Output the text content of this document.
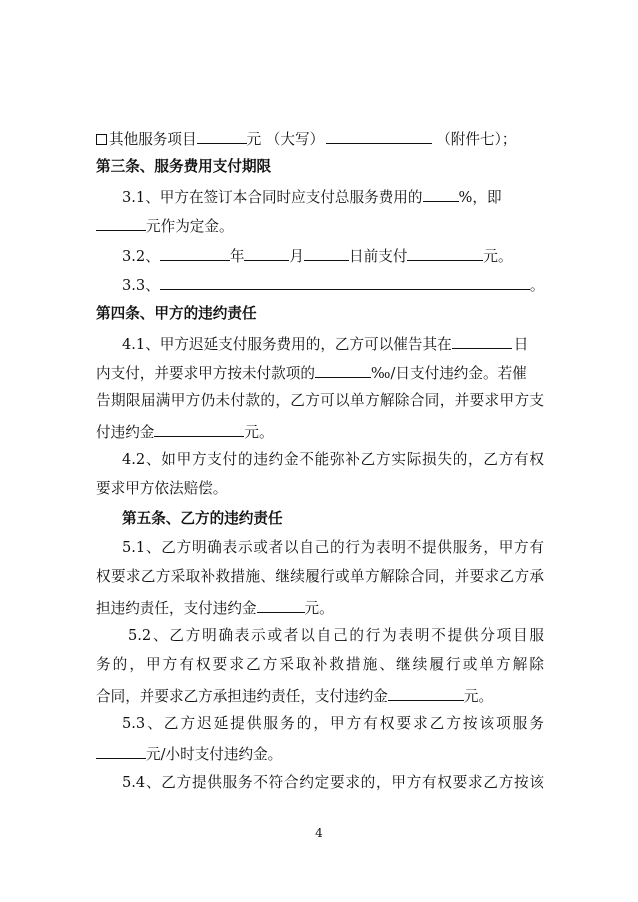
其他服务项目	元 （大写）	（附件七）；
第三条、服务费用支付期限
3.1、甲方在签订本合同时应支付总服务费用的 %，即
元作为定金。
3.2、	年	月	日前支付	元。
3.3、	。
第四条、甲方的违约责任
4.1、甲方迟延支付服务费用的，乙方可以催告其在	日
内支付，并要求甲方按未付款项的	‰/日支付违约金。若催
告期限届满甲方仍未付款的，乙方可以单方解除合同，并要求甲方支
付违约金	元。
4.2、如甲方支付的违约金不能弥补乙方实际损失的，乙方有权
要求甲方依法赔偿。
第五条、乙方的违约责任
5.1、乙方明确表示或者以自己的行为表明不提供服务，甲方有
权要求乙方采取补救措施、继续履行或单方解除合同，并要求乙方承
担违约责任，支付违约金	元。
5.2、乙方明确表示或者以自己的行为表明不提供分项目服
务的，甲方有权要求乙方采取补救措施、继续履行或单方解除
合同，并要求乙方承担违约责任，支付违约金	元。
5.3、乙方迟延提供服务的，甲方有权要求乙方按该项服务
元/小时支付违约金。
5.4、乙方提供服务不符合约定要求的，甲方有权要求乙方按该
4
